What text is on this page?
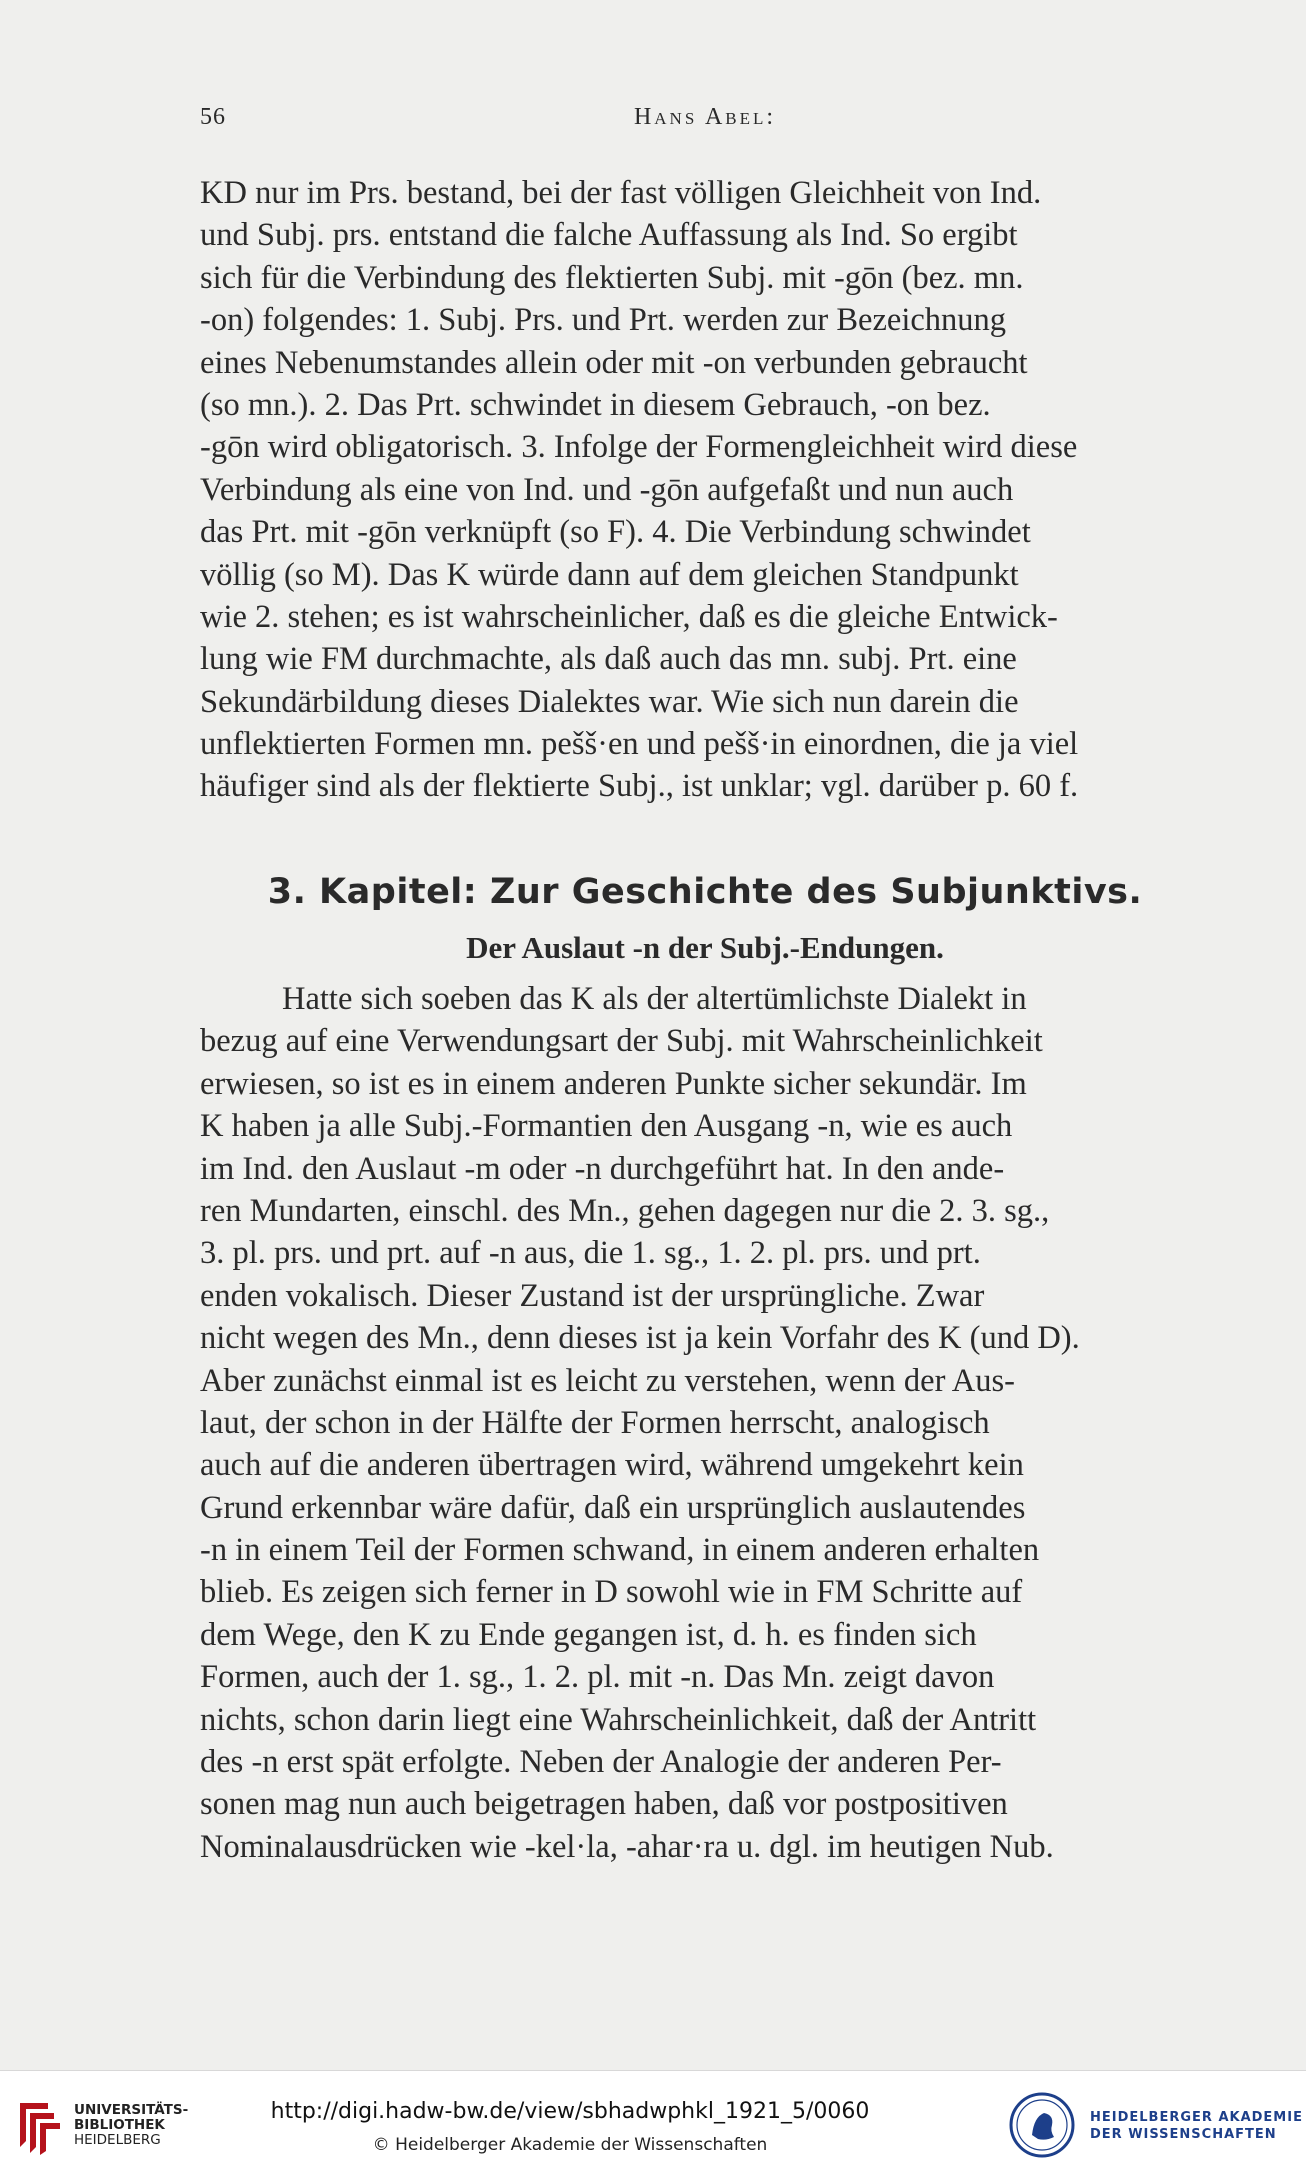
56	Hans Abel:
KD nur im Prs. bestand, bei der fast völligen Gleichheit von Ind.
und Subj. prs. entstand die falche Auffassung als Ind. So ergibt
sich für die Verbindung des flektierten Subj. mit -gōn (bez. mn.
-on) folgendes: 1. Subj. Prs. und Prt. werden zur Bezeichnung
eines Nebenumstandes allein oder mit -on verbunden gebraucht
(so mn.). 2. Das Prt. schwindet in diesem Gebrauch, -on bez.
-gōn wird obligatorisch. 3. Infolge der Formengleichheit wird diese
Verbindung als eine von Ind. und -gōn aufgefaßt und nun auch
das Prt. mit -gōn verknüpft (so F). 4. Die Verbindung schwindet
völlig (so M). Das K würde dann auf dem gleichen Standpunkt
wie 2. stehen; es ist wahrscheinlicher, daß es die gleiche Entwick-
lung wie FM durchmachte, als daß auch das mn. subj. Prt. eine
Sekundärbildung dieses Dialektes war. Wie sich nun darein die
unflektierten Formen mn. pešš·en und pešš·in einordnen, die ja viel
häufiger sind als der flektierte Subj., ist unklar; vgl. darüber p. 60 f.
3. Kapitel: Zur Geschichte des Subjunktivs.
Der Auslaut -n der Subj.-Endungen.
Hatte sich soeben das K als der altertümlichste Dialekt in
bezug auf eine Verwendungsart der Subj. mit Wahrscheinlichkeit
erwiesen, so ist es in einem anderen Punkte sicher sekundär. Im
K haben ja alle Subj.-Formantien den Ausgang -n, wie es auch
im Ind. den Auslaut -m oder -n durchgeführt hat. In den ande-
ren Mundarten, einschl. des Mn., gehen dagegen nur die 2. 3. sg.,
3. pl. prs. und prt. auf -n aus, die 1. sg., 1. 2. pl. prs. und prt.
enden vokalisch. Dieser Zustand ist der ursprüngliche. Zwar
nicht wegen des Mn., denn dieses ist ja kein Vorfahr des K (und D).
Aber zunächst einmal ist es leicht zu verstehen, wenn der Aus-
laut, der schon in der Hälfte der Formen herrscht, analogisch
auch auf die anderen übertragen wird, während umgekehrt kein
Grund erkennbar wäre dafür, daß ein ursprünglich auslautendes
-n in einem Teil der Formen schwand, in einem anderen erhalten
blieb. Es zeigen sich ferner in D sowohl wie in FM Schritte auf
dem Wege, den K zu Ende gegangen ist, d. h. es finden sich
Formen, auch der 1. sg., 1. 2. pl. mit -n. Das Mn. zeigt davon
nichts, schon darin liegt eine Wahrscheinlichkeit, daß der Antritt
des -n erst spät erfolgte. Neben der Analogie der anderen Per-
sonen mag nun auch beigetragen haben, daß vor postpositiven
Nominalausdrücken wie -kel·la, -ahar·ra u. dgl. im heutigen Nub.
UNIVERSITÄTS-
BIBLIOTHEK
HEIDELBERG
http://digi.hadw-bw.de/view/sbhadwphkl_1921_5/0060
© Heidelberger Akademie der Wissenschaften
HEIDELBERGER AKADEMIE
DER WISSENSCHAFTEN
